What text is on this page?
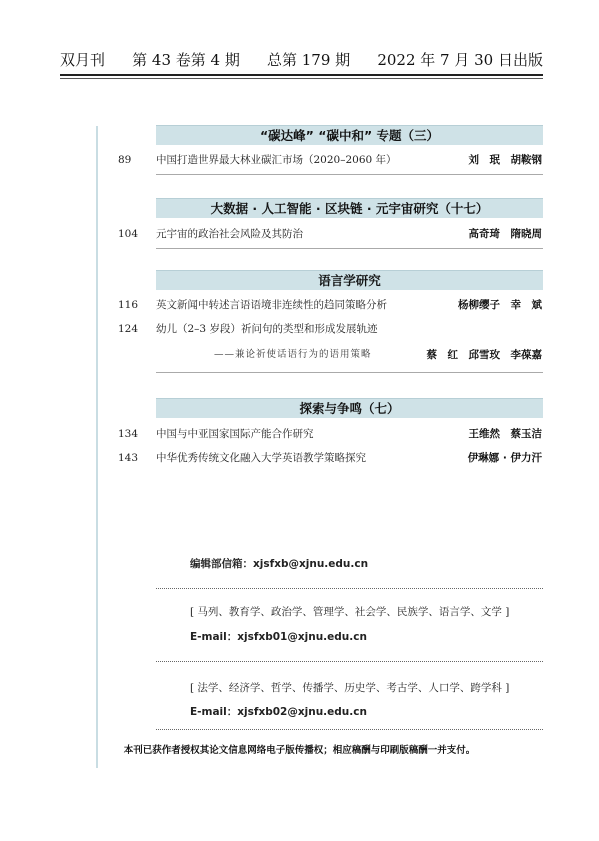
双月刊 第 43 卷第 4 期 总第 179 期 2022 年 7 月 30 日出版
“碳达峰” “碳中和” 专题（三）
89	中国打造世界最大林业碳汇市场（2020–2060 年）	刘　珉　胡鞍钢
大数据 · 人工智能 · 区块链 · 元宇宙研究（十七）
104	元宇宙的政治社会风险及其防治	高奇琦　隋晓周
语言学研究
116	英文新闻中转述言语语境非连续性的趋同策略分析	杨柳缨子　幸　斌
124	幼儿（2–3 岁段）祈问句的类型和形成发展轨迹
——兼论祈使话语行为的语用策略	蔡　红　邱雪玫　李葆嘉
探索与争鸣（七）
134	中国与中亚国家国际产能合作研究	王维然　蔡玉洁
143	中华优秀传统文化融入大学英语教学策略探究	伊琳娜 · 伊力汗
编辑部信箱：xjsfxb@xjnu.edu.cn
[ 马列、教育学、政治学、管理学、社会学、民族学、语言学、文学 ]
E-mail：xjsfxb01@xjnu.edu.cn
[ 法学、经济学、哲学、传播学、历史学、考古学、人口学、跨学科 ]
E-mail：xjsfxb02@xjnu.edu.cn
本刊已获作者授权其论文信息网络电子版传播权；相应稿酬与印刷版稿酬一并支付。
